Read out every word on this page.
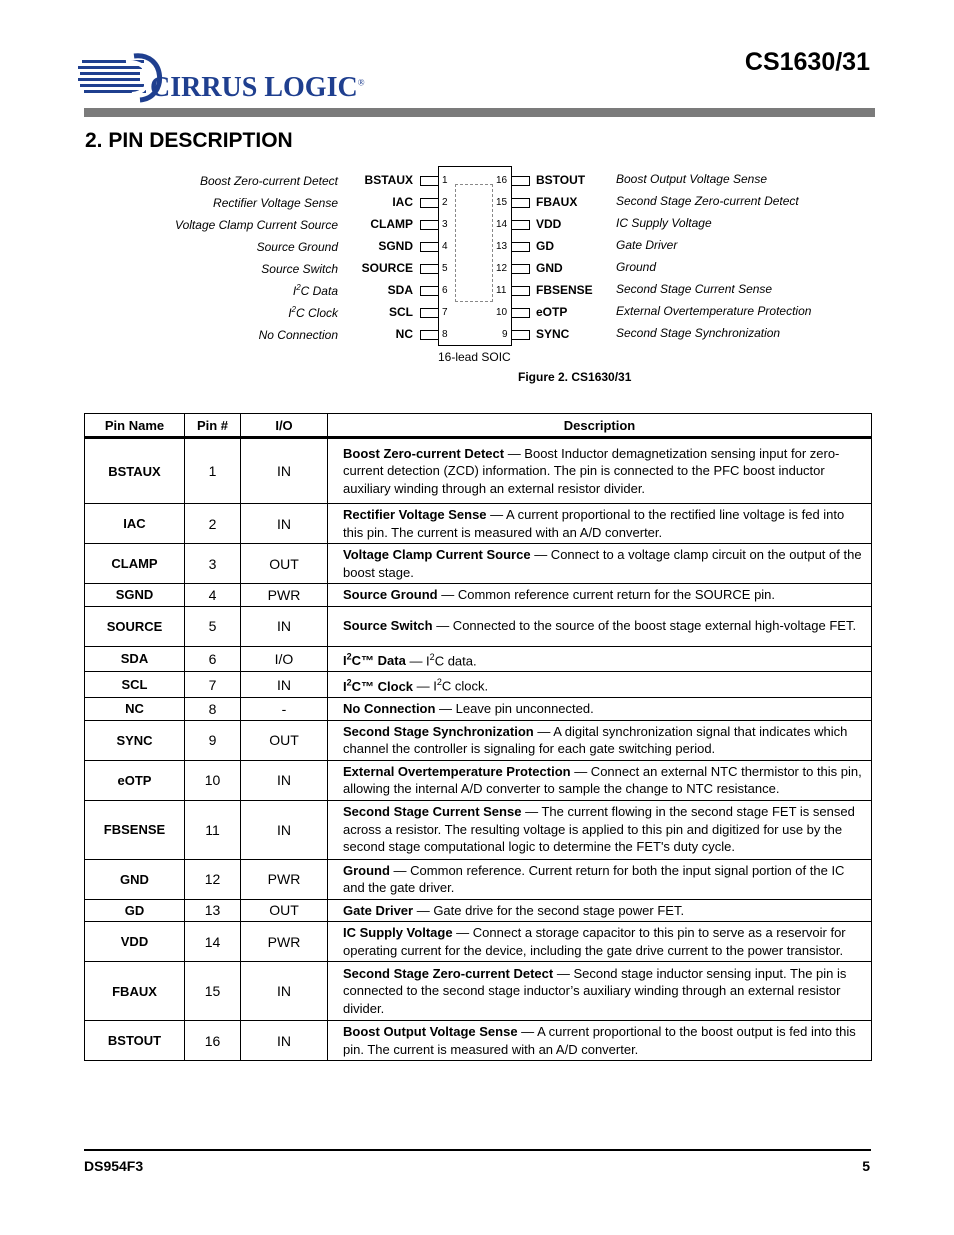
CIRRUS LOGIC®
CS1630/31
2. PIN DESCRIPTION
Boost Zero-current Detect BSTAUX	1
Rectifier Voltage Sense	IAC	2
Voltage Clamp Current Source	CLAMP	3
Source Ground	SGND	4
Source Switch SOURCE	5
$I^2C$ Data	SDA	6
$I^2C$ Clock	SCL	7
No Connection	NC	8
Boost Output Voltage Sense
BSTOUT
16
Second Stage Zero-current Detect
FBAUX
15
IC Supply Voltage
VDD
14
Gate Driver
GD
13
Ground
GND
12
Second Stage Current Sense
FBSENSE
11
External Overtemperature Protection
eOTP
10
Second Stage Synchronization
SYNC
9
16-lead SOIC
Figure 2. CS1630/31
Pin Name	Pin #	I/O	Description
BSTAUX	1	IN	Boost Zero-current Detect — Boost Inductor demagnetization sensing input for zero-current detection (ZCD) information. The pin is connected to the PFC boost inductor auxiliary winding through an external resistor divider.
IAC	2	IN	Rectifier Voltage Sense — A current proportional to the rectified line voltage is fed into this pin. The current is measured with an A/D converter.
CLAMP	3	OUT	Voltage Clamp Current Source — Connect to a voltage clamp circuit on the output of the boost stage.
SGND	4	PWR	Source Ground — Common reference current return for the SOURCE pin.
SOURCE	5	IN	Source Switch — Connected to the source of the boost stage external high-voltage FET.
SDA	6	I/O	$I^2C™$ Data — $I^2C$ data.
SCL	7	IN	$I^2C™$ Clock — $I^2C$ clock.
NC	8	-	No Connection — Leave pin unconnected.
SYNC	9	OUT	Second Stage Synchronization — A digital synchronization signal that indicates which channel the controller is signaling for each gate switching period.
eOTP	10	IN	External Overtemperature Protection — Connect an external NTC thermistor to this pin, allowing the internal A/D converter to sample the change to NTC resistance.
FBSENSE	11	IN	Second Stage Current Sense — The current flowing in the second stage FET is sensed across a resistor. The resulting voltage is applied to this pin and digitized for use by the second stage computational logic to determine the FET's duty cycle.
GND	12	PWR	Ground — Common reference. Current return for both the input signal portion of the IC and the gate driver.
GD	13	OUT	Gate Driver — Gate drive for the second stage power FET.
VDD	14	PWR	IC Supply Voltage — Connect a storage capacitor to this pin to serve as a reservoir for operating current for the device, including the gate drive current to the power transistor.
FBAUX	15	IN	Second Stage Zero-current Detect — Second stage inductor sensing input. The pin is connected to the second stage inductor’s auxiliary winding through an external resistor divider.
BSTOUT	16	IN	Boost Output Voltage Sense — A current proportional to the boost output is fed into this pin. The current is measured with an A/D converter.
DS954F3	5
